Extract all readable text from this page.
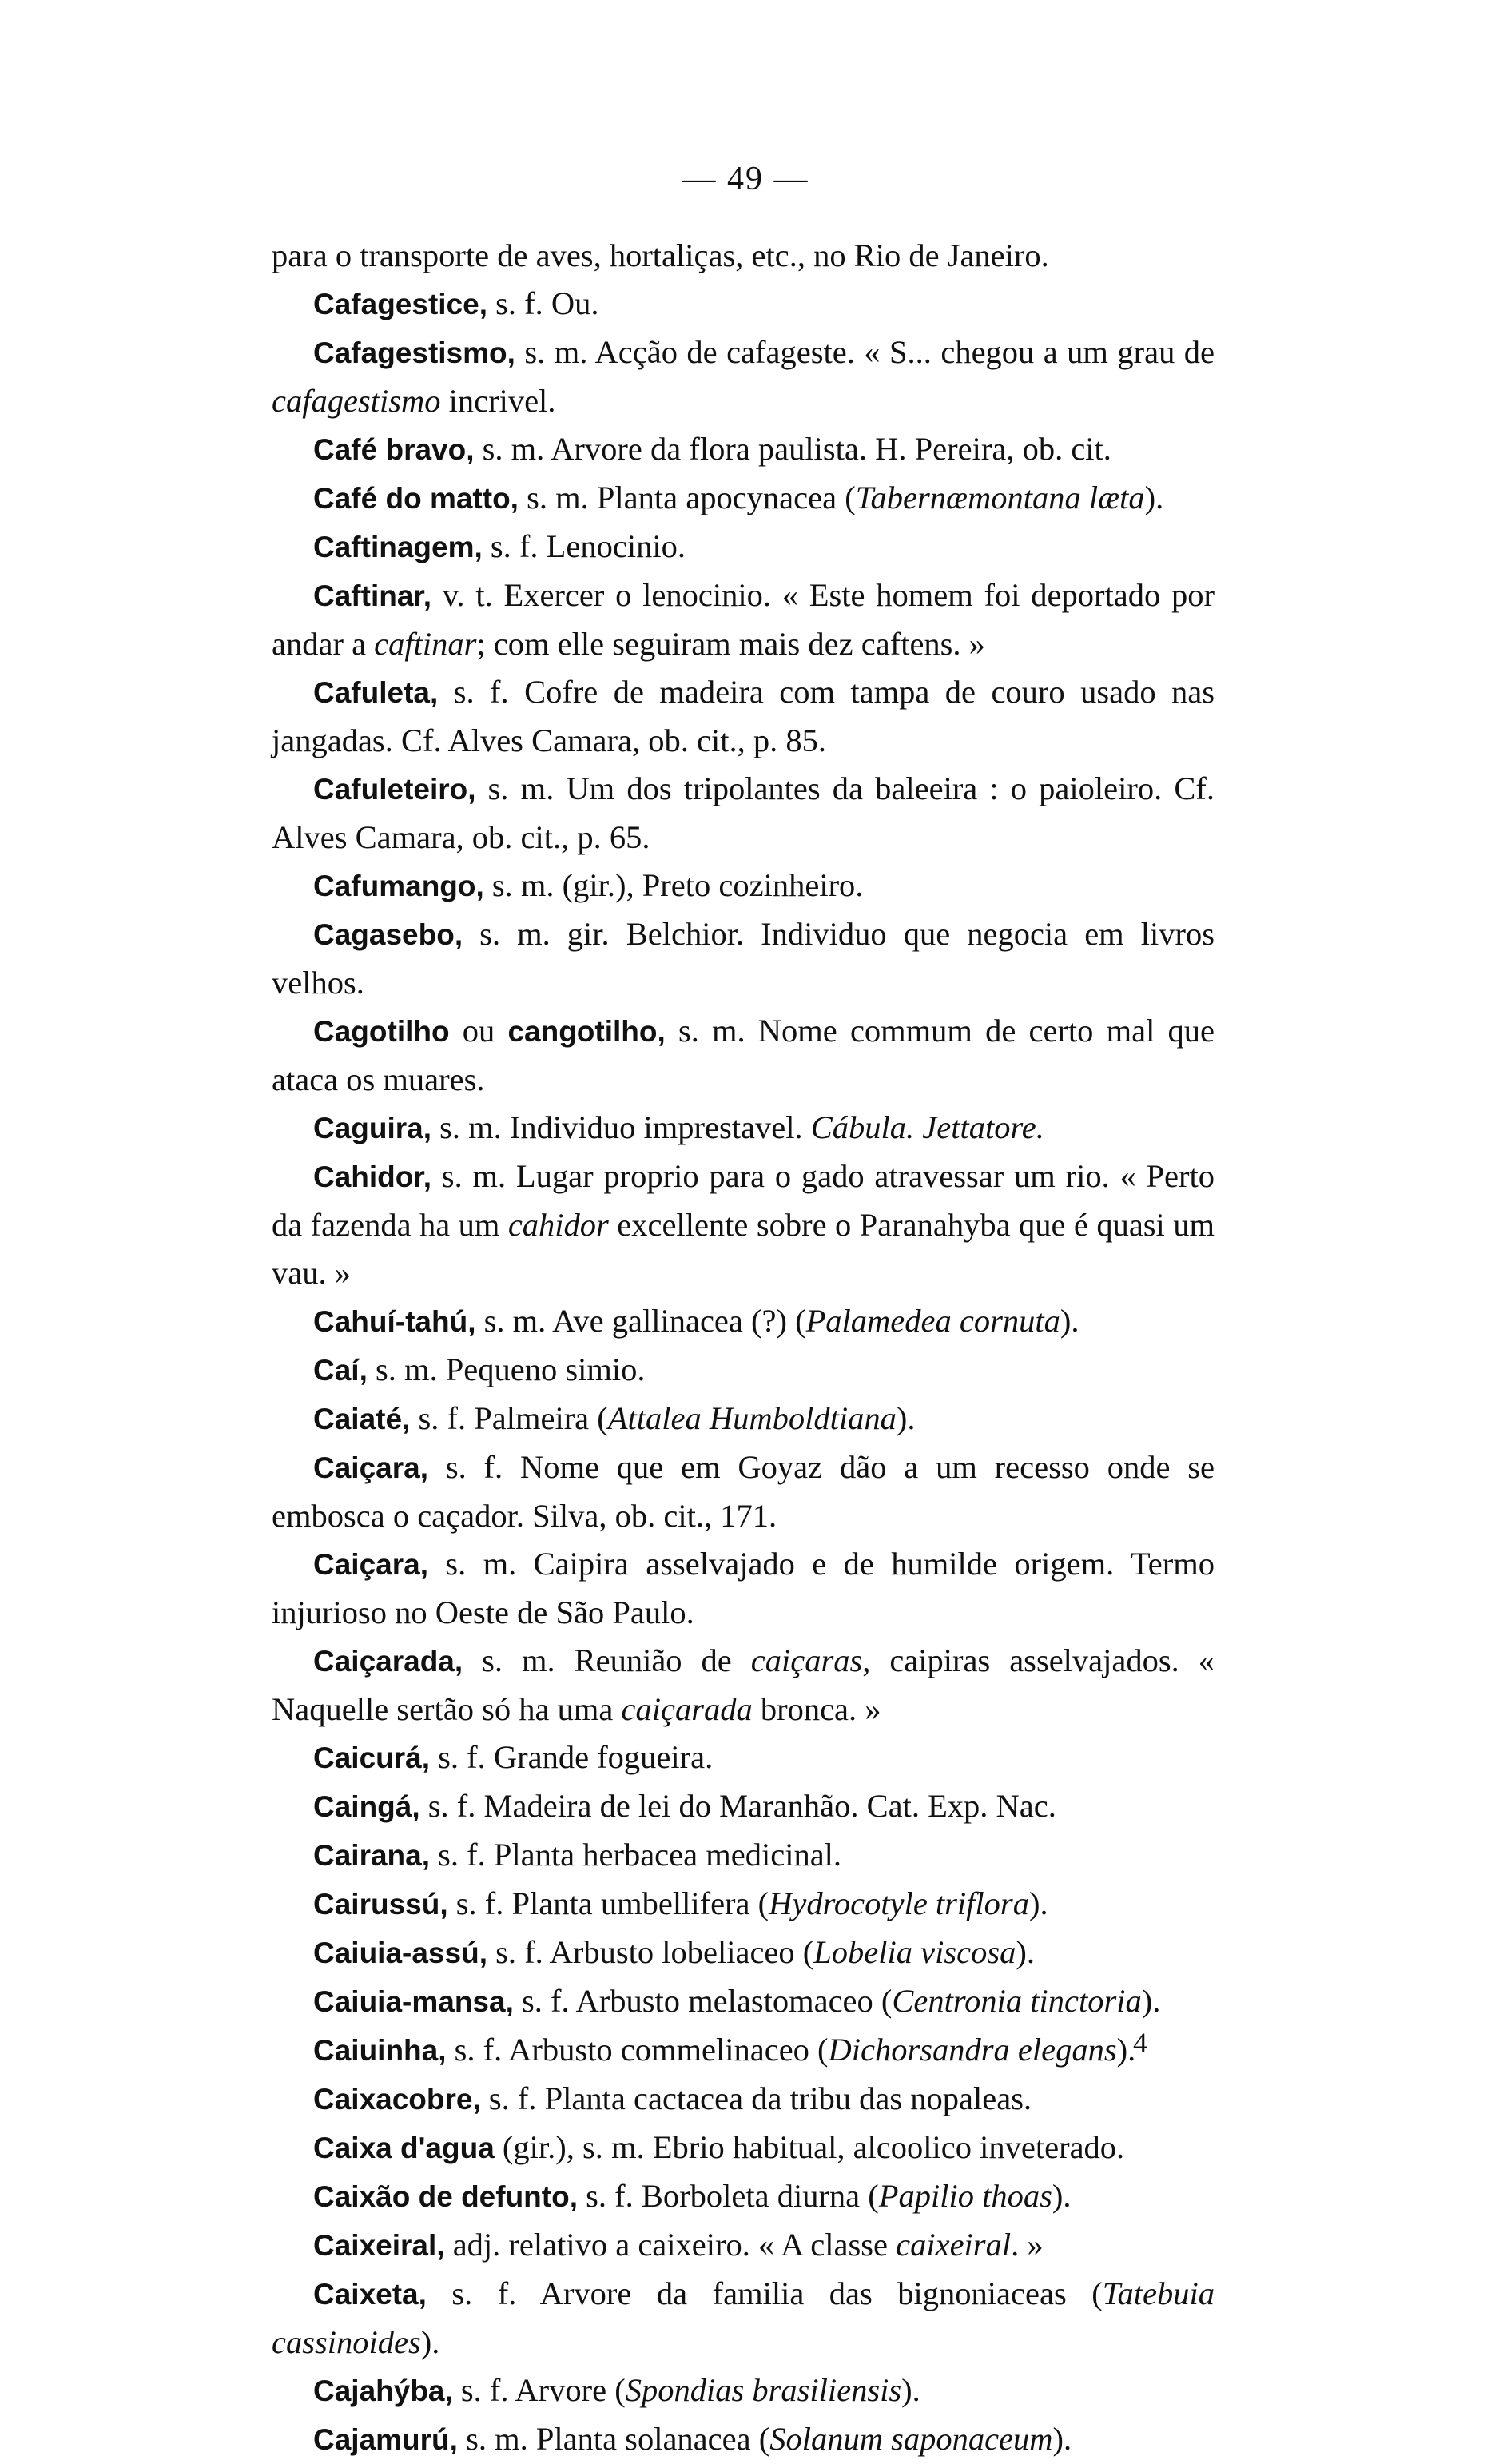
— 49 —

para o transporte de aves, hortaliças, etc., no Rio de Janeiro.

Cafagestice, s. f. Ou.

Cafagestismo, s. m. Acção de cafageste. « S... chegou a um grau de cafagestismo incrivel.

Café bravo, s. m. Arvore da flora paulista. H. Pereira, ob. cit.

Café do matto, s. m. Planta apocynacea (Tabernæmontana læta).

Caftinagem, s. f. Lenocinio.

Caftinar, v. t. Exercer o lenocinio. « Este homem foi deportado por andar a caftinar; com elle seguiram mais dez caftens. »

Cafuleta, s. f. Cofre de madeira com tampa de couro usado nas jangadas. Cf. Alves Camara, ob. cit., p. 85.

Cafuleteiro, s. m. Um dos tripolantes da baleeira : o paioleiro. Cf. Alves Camara, ob. cit., p. 65.

Cafumango, s. m. (gir.), Preto cozinheiro.

Cagasebo, s. m. gir. Belchior. Individuo que negocia em livros velhos.

Cagotilho ou cangotilho, s. m. Nome commum de certo mal que ataca os muares.

Caguira, s. m. Individuo imprestavel. Cábula. Jettatore.

Cahidor, s. m. Lugar proprio para o gado atravessar um rio. « Perto da fazenda ha um cahidor excellente sobre o Paranahyba que é quasi um vau. »

Cahuí-tahú, s. m. Ave gallinacea (?) (Palamedea cornuta).

Caí, s. m. Pequeno simio.

Caiaté, s. f. Palmeira (Attalea Humboldtiana).

Caiçara, s. f. Nome que em Goyaz dão a um recesso onde se embosca o caçador. Silva, ob. cit., 171.

Caiçara, s. m. Caipira asselvajado e de humilde origem. Termo injurioso no Oeste de São Paulo.

Caiçarada, s. m. Reunião de caiçaras, caipiras asselvajados. « Naquelle sertão só ha uma caiçarada bronca. »

Caicurá, s. f. Grande fogueira.

Caingá, s. f. Madeira de lei do Maranhão. Cat. Exp. Nac.

Cairana, s. f. Planta herbacea medicinal.

Cairussú, s. f. Planta umbellifera (Hydrocotyle triflora).

Caiuia-assú, s. f. Arbusto lobeliaceo (Lobelia viscosa).

Caiuia-mansa, s. f. Arbusto melastomaceo (Centronia tinctoria).

Caiuinha, s. f. Arbusto commelinaceo (Dichorsandra elegans).

Caixacobre, s. f. Planta cactacea da tribu das nopaleas.

Caixa d'agua (gir.), s. m. Ebrio habitual, alcoolico inveterado.

Caixão de defunto, s. f. Borboleta diurna (Papilio thoas).

Caixeiral, adj. relativo a caixeiro. « A classe caixeiral. »

Caixeta, s. f. Arvore da familia das bignoniaceas (Tatebuia cassinoides).

Cajahýba, s. f. Arvore (Spondias brasiliensis).

Cajamurú, s. m. Planta solanacea (Solanum saponaceum).

4
